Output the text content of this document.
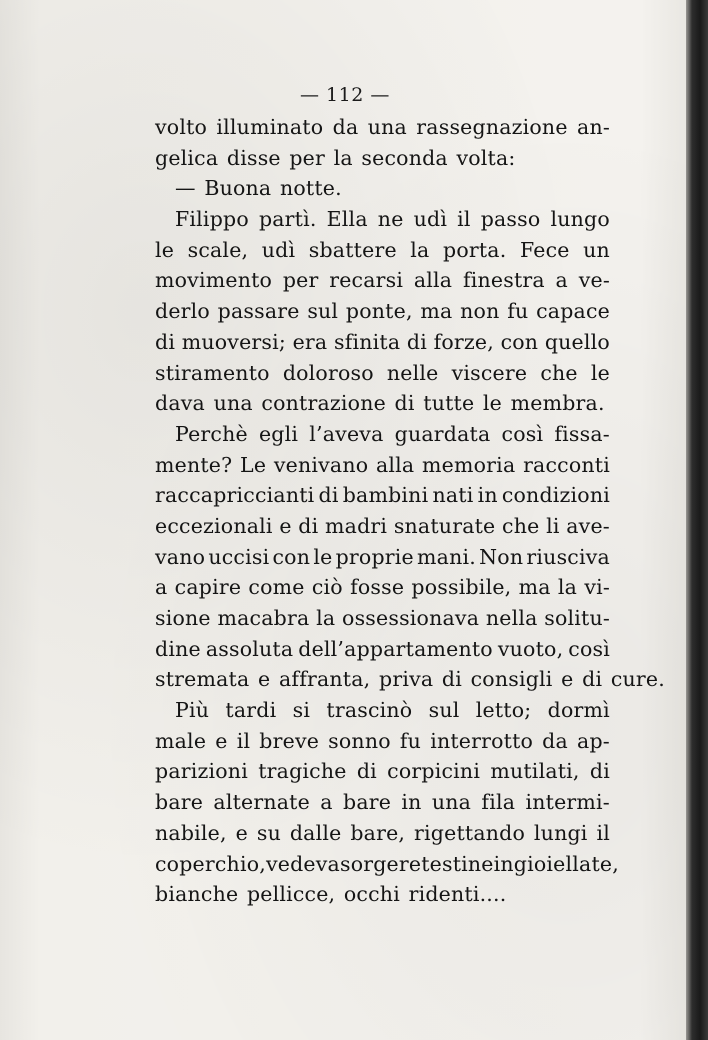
— 112 —
volto illuminato da una rassegnazione an-
gelica disse per la seconda volta:
— Buona notte.
Filippo partì. Ella ne udì il passo lungo
le scale, udì sbattere la porta. Fece un
movimento per recarsi alla finestra a ve-
derlo passare sul ponte, ma non fu capace
di muoversi; era sfinita di forze, con quello
stiramento doloroso nelle viscere che le
dava una contrazione di tutte le membra.
Perchè egli l’aveva guardata così fissa-
mente? Le venivano alla memoria racconti
raccapriccianti di bambini nati in condizioni
eccezionali e di madri snaturate che li ave-
vano uccisi con le proprie mani. Non riusciva
a capire come ciò fosse possibile, ma la vi-
sione macabra la ossessionava nella solitu-
dine assoluta dell’appartamento vuoto, così
stremata e affranta, priva di consigli e di cure.
Più tardi si trascinò sul letto; dormì
male e il breve sonno fu interrotto da ap-
parizioni tragiche di corpicini mutilati, di
bare alternate a bare in una fila intermi-
nabile, e su dalle bare, rigettando lungi il
coperchio, vedeva sorgere testine ingioiellate,
bianche pellicce, occhi ridenti....
